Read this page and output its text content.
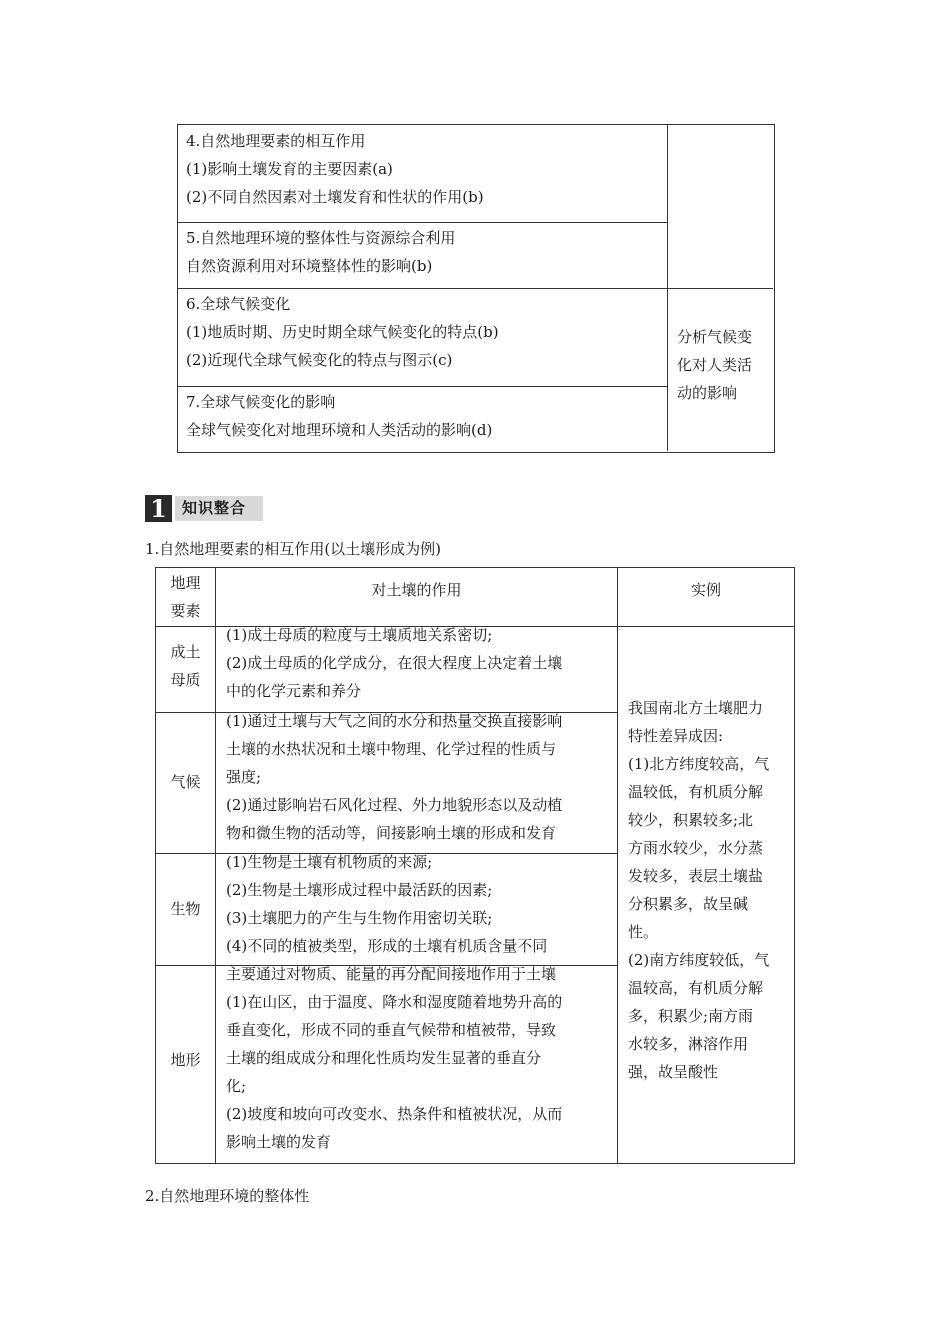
4.自然地理要素的相互作用
(1)影响土壤发育的主要因素(a)
(2)不同自然因素对土壤发育和性状的作用(b)
5.自然地理环境的整体性与资源综合利用
自然资源利用对环境整体性的影响(b)
6.全球气候变化
(1)地质时期、历史时期全球气候变化的特点(b)
(2)近现代全球气候变化的特点与图示(c)
7.全球气候变化的影响
全球气候变化对地理环境和人类活动的影响(d)
分析气候变
化对人类活
动的影响
1	知识整合
1.自然地理要素的相互作用(以土壤形成为例)
地理
要素
对土壤的作用	实例
成土
母质
(1)成土母质的粒度与土壤质地关系密切;
(2)成土母质的化学成分，在很大程度上决定着土壤
中的化学元素和养分
气候
(1)通过土壤与大气之间的水分和热量交换直接影响
土壤的水热状况和土壤中物理、化学过程的性质与
强度;
(2)通过影响岩石风化过程、外力地貌形态以及动植
物和微生物的活动等，间接影响土壤的形成和发育
生物
(1)生物是土壤有机物质的来源;
(2)生物是土壤形成过程中最活跃的因素;
(3)土壤肥力的产生与生物作用密切关联;
(4)不同的植被类型，形成的土壤有机质含量不同
地形
主要通过对物质、能量的再分配间接地作用于土壤
(1)在山区，由于温度、降水和湿度随着地势升高的
垂直变化，形成不同的垂直气候带和植被带，导致
土壤的组成成分和理化性质均发生显著的垂直分
化;
(2)坡度和坡向可改变水、热条件和植被状况，从而
影响土壤的发育
我国南北方土壤肥力
特性差异成因:
(1)北方纬度较高，气
温较低，有机质分解
较少，积累较多;北
方雨水较少，水分蒸
发较多，表层土壤盐
分积累多，故呈碱
性。
(2)南方纬度较低，气
温较高，有机质分解
多，积累少;南方雨
水较多，淋溶作用
强，故呈酸性
2.自然地理环境的整体性
